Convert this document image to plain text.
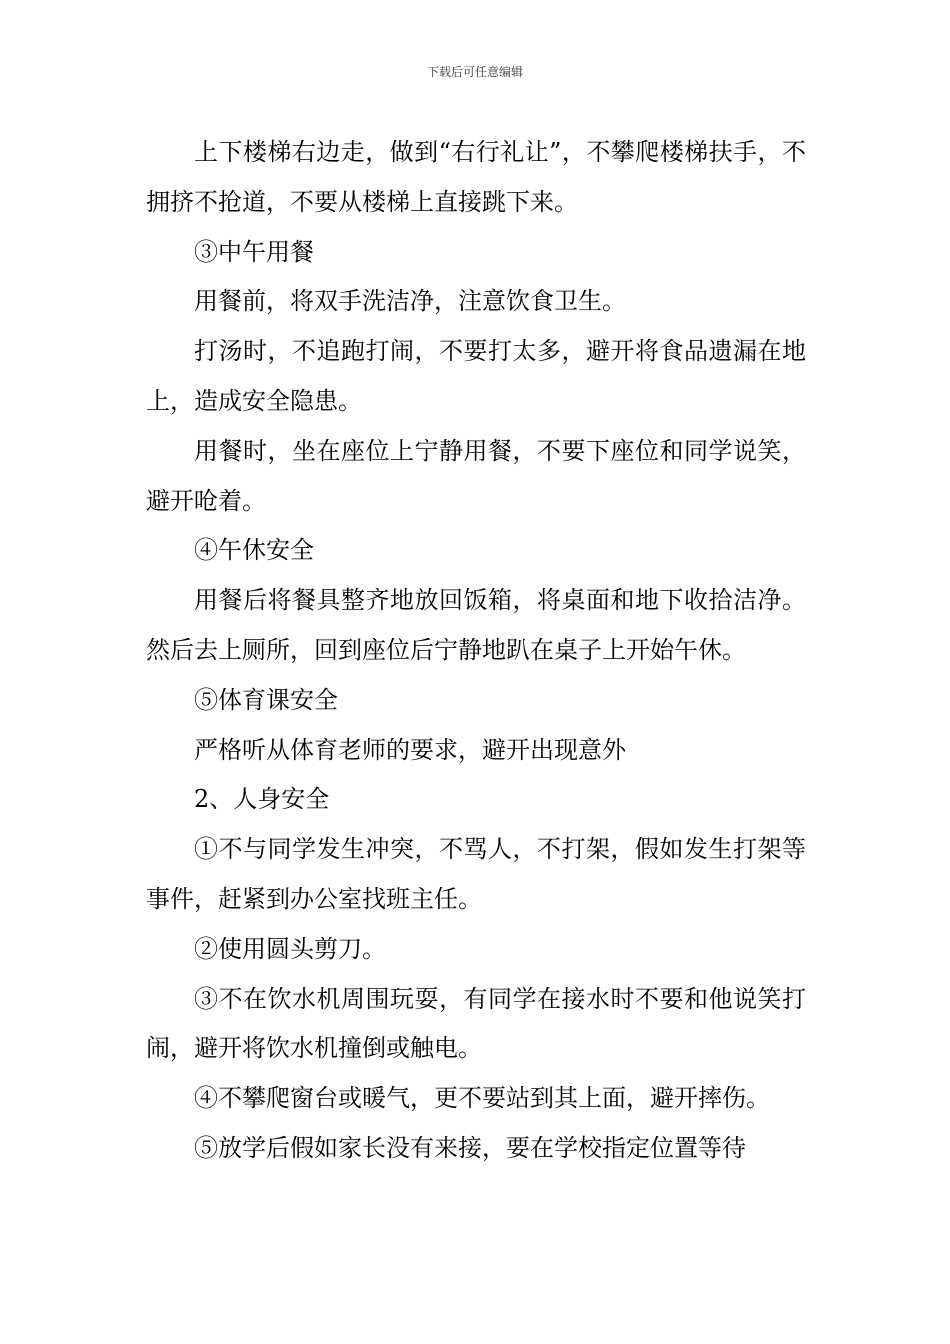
下载后可任意编辑

上下楼梯右边走，做到“右行礼让”，不攀爬楼梯扶手，不拥挤不抢道，不要从楼梯上直接跳下来。

③中午用餐

用餐前，将双手洗洁净，注意饮食卫生。

打汤时，不追跑打闹，不要打太多，避开将食品遗漏在地上，造成安全隐患。

用餐时，坐在座位上宁静用餐，不要下座位和同学说笑，避开呛着。

④午休安全

用餐后将餐具整齐地放回饭箱，将桌面和地下收拾洁净。然后去上厕所，回到座位后宁静地趴在桌子上开始午休。

⑤体育课安全

严格听从体育老师的要求，避开出现意外

2、人身安全

①不与同学发生冲突，不骂人，不打架，假如发生打架等事件，赶紧到办公室找班主任。

②使用圆头剪刀。

③不在饮水机周围玩耍，有同学在接水时不要和他说笑打闹，避开将饮水机撞倒或触电。

④不攀爬窗台或暖气，更不要站到其上面，避开摔伤。

⑤放学后假如家长没有来接，要在学校指定位置等待
